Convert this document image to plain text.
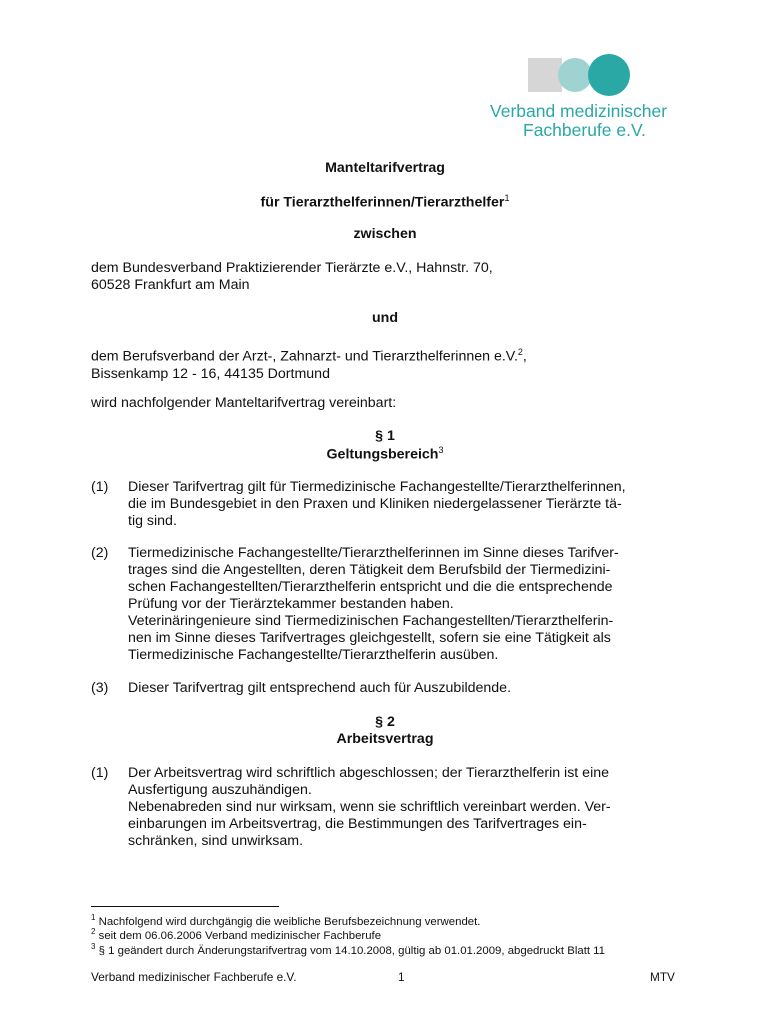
Verband medizinischer
Fachberufe e.V.
Manteltarifvertrag
für Tierarzthelferinnen/Tierarzthelfer$^1$
zwischen
dem Bundesverband Praktizierender Tierärzte e.V., Hahnstr. 70,
60528 Frankfurt am Main
und
dem Berufsverband der Arzt-, Zahnarzt- und Tierarzthelferinnen e.V.$^2$,
Bissenkamp 12 - 16, 44135 Dortmund
wird nachfolgender Manteltarifvertrag vereinbart:
§ 1
Geltungsbereich$^3$
(1) Dieser Tarifvertrag gilt für Tiermedizinische Fachangestellte/Tierarzthelferinnen,
die im Bundesgebiet in den Praxen und Kliniken niedergelassener Tierärzte tä-
tig sind.
(2) Tiermedizinische Fachangestellte/Tierarzthelferinnen im Sinne dieses Tarifver-
trages sind die Angestellten, deren Tätigkeit dem Berufsbild der Tiermedizini-
schen Fachangestellten/Tierarzthelferin entspricht und die die entsprechende
Prüfung vor der Tierärztekammer bestanden haben.
Veterinäringenieure sind Tiermedizinischen Fachangestellten/Tierarzthelferin-
nen im Sinne dieses Tarifvertrages gleichgestellt, sofern sie eine Tätigkeit als
Tiermedizinische Fachangestellte/Tierarzthelferin ausüben.
(3) Dieser Tarifvertrag gilt entsprechend auch für Auszubildende.
§ 2
Arbeitsvertrag
(1) Der Arbeitsvertrag wird schriftlich abgeschlossen; der Tierarzthelferin ist eine
Ausfertigung auszuhändigen.
Nebenabreden sind nur wirksam, wenn sie schriftlich vereinbart werden. Ver-
einbarungen im Arbeitsvertrag, die Bestimmungen des Tarifvertrages ein-
schränken, sind unwirksam.
$^1$ Nachfolgend wird durchgängig die weibliche Berufsbezeichnung verwendet.
$^2$ seit dem 06.06.2006 Verband medizinischer Fachberufe
$^3$ § 1 geändert durch Änderungstarifvertrag vom 14.10.2008, gültig ab 01.01.2009, abgedruckt Blatt 11
Verband medizinischer Fachberufe e.V.	1	MTV
